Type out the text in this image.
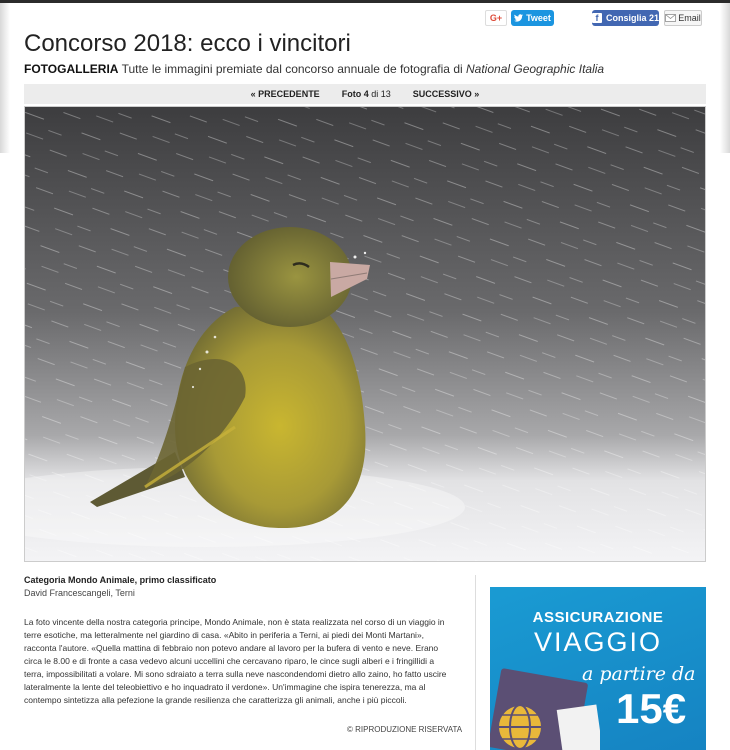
G+	Tweet	f Consiglia 21 Email
Concorso 2018: ecco i vincitori
FOTOGALLERIA Tutte le immagini premiate dal concorso annuale de fotografia di National Geographic Italia
« PRECEDENTE Foto 4 di 13 SUCCESSIVO »
Categoria Mondo Animale, primo classificato
David Francescangeli, Terni

La foto vincente della nostra categoria principe, Mondo Animale, non è stata realizzata nel corso di un viaggio in terre esotiche, ma letteralmente nel giardino di casa. «Abito in periferia a Terni, ai piedi dei Monti Martani», racconta l'autore. «Quella mattina di febbraio non potevo andare al lavoro per la bufera di vento e neve. Erano circa le 8.00 e di fronte a casa vedevo alcuni uccellini che cercavano riparo, le cince sugli alberi e i fringillidi a terra, impossibilitati a volare. Mi sono sdraiato a terra sulla neve nascondendomi dietro allo zaino, ho fatto uscire lateralmente la lente del teleobiettivo e ho inquadrato il verdone». Un'immagine che ispira tenerezza, ma al contempo sintetizza alla pefezione la grande resilienza che caratterizza gli animali, anche i più piccoli.

© RIPRODUZIONE RISERVATA
ASSICURAZIONE
VIAGGIO
a partire da
15€
